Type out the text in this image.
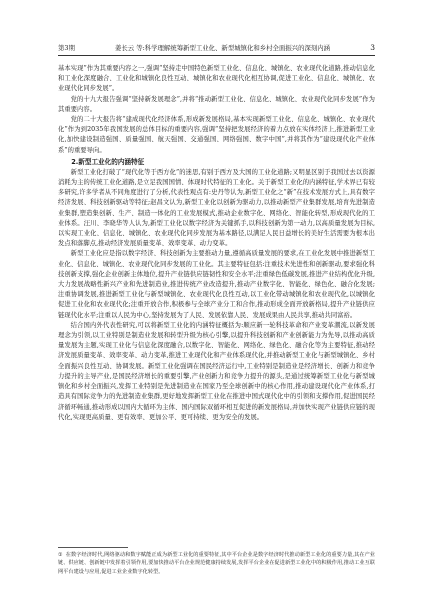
第3期	姜长云 等:科学理解统筹新型工业化、新型城镇化和乡村全面振兴的深刻内涵	3

基本实现”作为其重要内容之一,强调“坚持走中国特色新型工业化、信息化、城镇化、农业现代化道路,推动信息化和工业化深度融合、工业化和城镇化良性互动、城镇化和农业现代化相互协调,促进工业化、信息化、城镇化、农业现代化同步发展”。

党的十九大报告强调“坚持新发展理念”,并将“推动新型工业化、信息化、城镇化、农业现代化同步发展”作为其重要内容。

党的二十大报告将“建成现代化经济体系,形成新发展格局,基本实现新型工业化、信息化、城镇化、农业现代化”作为到2035年我国发展的总体目标的重要内容,强调“坚持把发展经济的着力点放在实体经济上,推进新型工业化,加快建设制造强国、质量强国、航天强国、交通强国、网络强国、数字中国”,并将其作为“建设现代化产业体系”的重要导向。

2.新型工业化的内涵特征

新型工业化打破了“现代化等于西方化”的迷思,有别于西方及大国的工业化道路;又明显区别于我国过去以资源消耗为主的传统工业化道路,是立足我国国情、体现时代特征的工业化。关于新型工业化的内涵特征,学术界已有较多研究,许多学者从不同角度进行了分析,代表性观点有:史丹等认为,新型工业化之“新”在技术发展方式上,具有数字经济发展、科技创新驱动等特征;赵昌文认为,新型工业化以创新为驱动力,以推动新型产业集群发展,培育先进制造业集群,塑造集创新、生产、制造一体化的工业发展模式,推动企业数字化、网络化、智能化转型,形成现代化的工业体系。汪川、李晓华等人认为,新型工业化以数字经济为关键抓手,以科技创新为第一动力,以高质量发展为目标,以实现工业化、信息化、城镇化、农业现代化同步发展为基本路径,以满足人民日益增长的美好生活需要为根本出发点和落脚点,推动经济发展质量变革、效率变革、动力变革。

新型工业化应是指以数字经济、科技创新为主要推动力量,遵循高质量发展的要求,在工业化发展中推进新型工业化、信息化、城镇化、农业现代化同步发展的工业化。其主要特征包括:注重技术先进性和创新驱动,要求强化科技创新支撑,强化企业创新主体地位,提升产业链供应链韧性和安全水平;注重绿色低碳发展,推进产业结构优化升级,大力发展战略性新兴产业和先进制造业,推进传统产业改造提升,推动产业数字化、智能化、绿色化、融合化发展;注重协调发展,推进新型工业化与新型城镇化、农业现代化良性互动,以工业化带动城镇化和农业现代化,以城镇化促进工业化和农业现代化;注重开放合作,积极参与全球产业分工和合作,推动形成全面开放新格局,提升产业链供应链现代化水平;注重以人民为中心,坚持发展为了人民、发展依靠人民、发展成果由人民共享,推动共同富裕。

结合国内外代表性研究,可以将新型工业化的内涵特征概括为:顺应新一轮科技革命和产业变革潮流,以新发展理念为引领,以工业特别是制造业发展和转型升级为核心引擎,以提升科技创新和产业创新能力为先导,以推动高质量发展为主题,实现工业化与信息化深度融合,以数字化、智能化、网络化、绿色化、融合化等为主要特征,推动经济发展质量变革、效率变革、动力变革,推进工业现代化和产业体系现代化,并推动新型工业化与新型城镇化、乡村全面振兴良性互动、协调发展。新型工业化强调在国民经济运行中,工业特别是制造业是经济增长、创新力和竞争力提升的主导产业,是国民经济增长的重要引擎,产业创新力和竞争力提升的源头,是通过统筹新型工业化与新型城镇化和乡村全面振兴,发挥工业特别是先进制造业在国家乃至全球创新中的核心作用,推动建设现代化产业体系,打造具有国际竞争力的先进制造业集群,更好地发挥新型工业化在推进中国式现代化中的引领和支撑作用,促进国民经济循环畅通,推动形成以国内大循环为主体、国内国际双循环相互促进的新发展格局,并加快实现产业链供应链的现代化,实现更高质量、更有效率、更加公平、更可持续、更为安全的发展。

① 在数字经济时代,网络驱动和数字赋能正成为新型工业化的重要特征,其中平台企业是数字经济时代推动新型工业化的重要力量,其在产业链、供应链、创新链中发挥着引领作用,要加快推动平台企业规范健康持续发展,发挥平台企业在促进新型工业化中的积极作用,推动工业互联网平台建设与应用,促进工业企业数字化转型。
